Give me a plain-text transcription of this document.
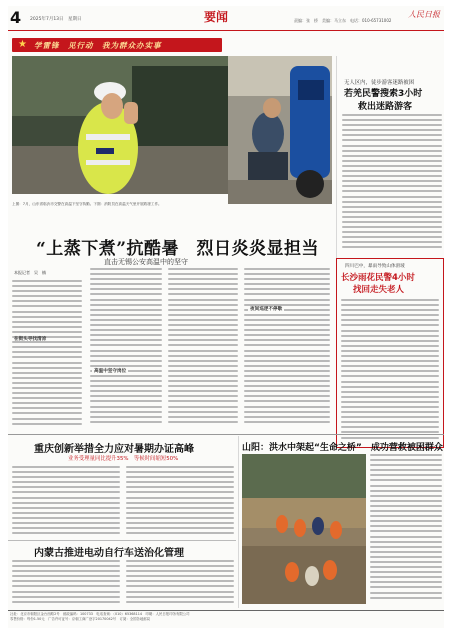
4 2025年7月13日　星期日	要闻	责编：张　桥　美编：马立东　电话：010-65731002
人民日报
★ 学雷锋　见行动　我为群众办实事
上图：7月，山东省临沂市交警在高温下坚守执勤。下图：消防员在高温天气里开展救援工作。
“上蒸下煮”抗酷暑　烈日炎炎显担当
直击无锡公安高温中的坚守
本报记者　吴　楠
在街头寻找清凉
高温中坚守岗位
夜间巡逻不停歇
无人区内，徒步游客迷路被困
若羌民警搜索3小时
救出迷路游客
四川巴中，暴雨导致山体滑坡
长沙雨花民警4小时
找回走失老人
重庆创新举措全力应对暑期办证高峰
业务受理量同比提升35%　等候时间缩短50%
内蒙古推进电动自行车送治化管理
山阳：洪水中架起“生命之桥”　成功营救被困群众
社址：北京市朝阳区金台西路2号　邮政编码：100733　电话查询：（010）65368114　印刷：人民日报印务有限公司
零售价格：每份1.50元　广告许可证号：京朝工商广登字20170042号　订阅：全国各地邮局
